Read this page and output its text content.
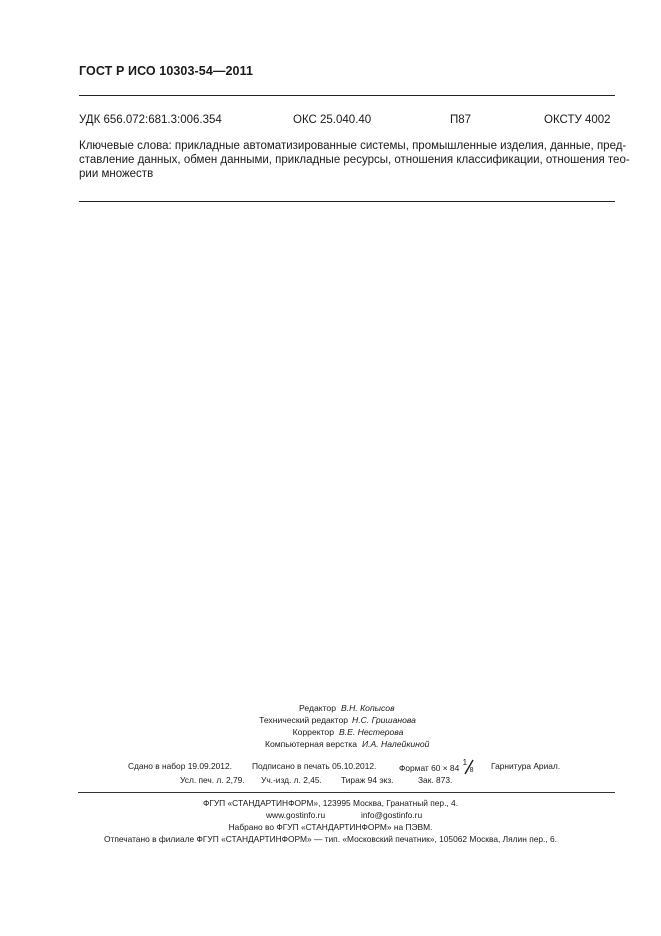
ГОСТ Р ИСО 10303-54—2011
УДК 656.072:681.3:006.354	ОКС 25.040.40	П87	ОКСТУ 4002
Ключевые слова: прикладные автоматизированные системы, промышленные изделия, данные, пред-
ставление данных, обмен данными, прикладные ресурсы, отношения классификации, отношения тео-
рии множеств
Редактор В.Н. Копысов
Технический редактор Н.С. Гришанова
Корректор В.Е. Нестерова
Компьютерная верстка И.А. Налейкиной
Сдано в набор 19.09.2012. Подписано в печать 05.10.2012.	Формат 60 × 84
1
8 Гарнитура Ариал.
Усл. печ. л. 2,79. Уч.-изд. л. 2,45. Тираж 94 экз.	Зак. 873.
ФГУП «СТАНДАРТИНФОРМ», 123995 Москва, Гранатный пер., 4.
www.gostinfo.ru	info@gostinfo.ru
Набрано во ФГУП «СТАНДАРТИНФОРМ» на ПЭВМ.
Отпечатано в филиале ФГУП «СТАНДАРТИНФОРМ» — тип. «Московский печатник», 105062 Москва, Лялин пер., 6.
